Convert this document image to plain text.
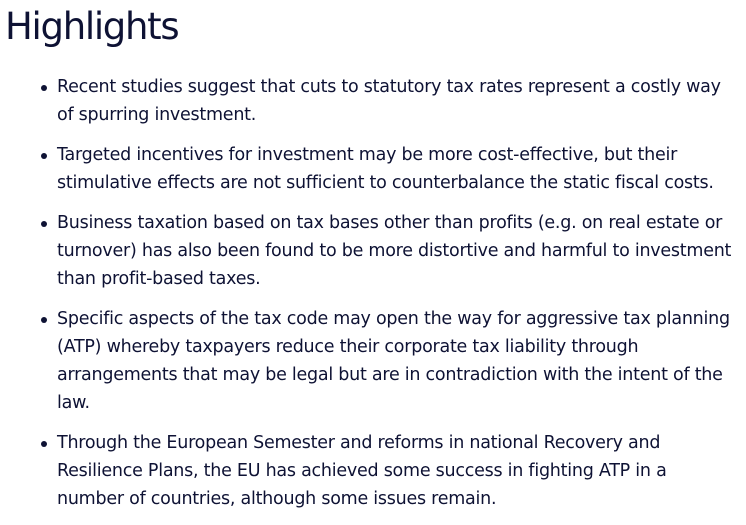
Highlights
Recent studies suggest that cuts to statutory tax rates represent a costly way of spurring investment.
Targeted incentives for investment may be more cost-effective, but their stimulative effects are not sufficient to counterbalance the static fiscal costs.
Business taxation based on tax bases other than profits (e.g. on real estate or turnover) has also been found to be more distortive and harmful to investment than profit-based taxes.
Specific aspects of the tax code may open the way for aggressive tax planning (ATP) whereby taxpayers reduce their corporate tax liability through arrangements that may be legal but are in contradiction with the intent of the law.
Through the European Semester and reforms in national Recovery and Resilience Plans, the EU has achieved some success in fighting ATP in a number of countries, although some issues remain.
